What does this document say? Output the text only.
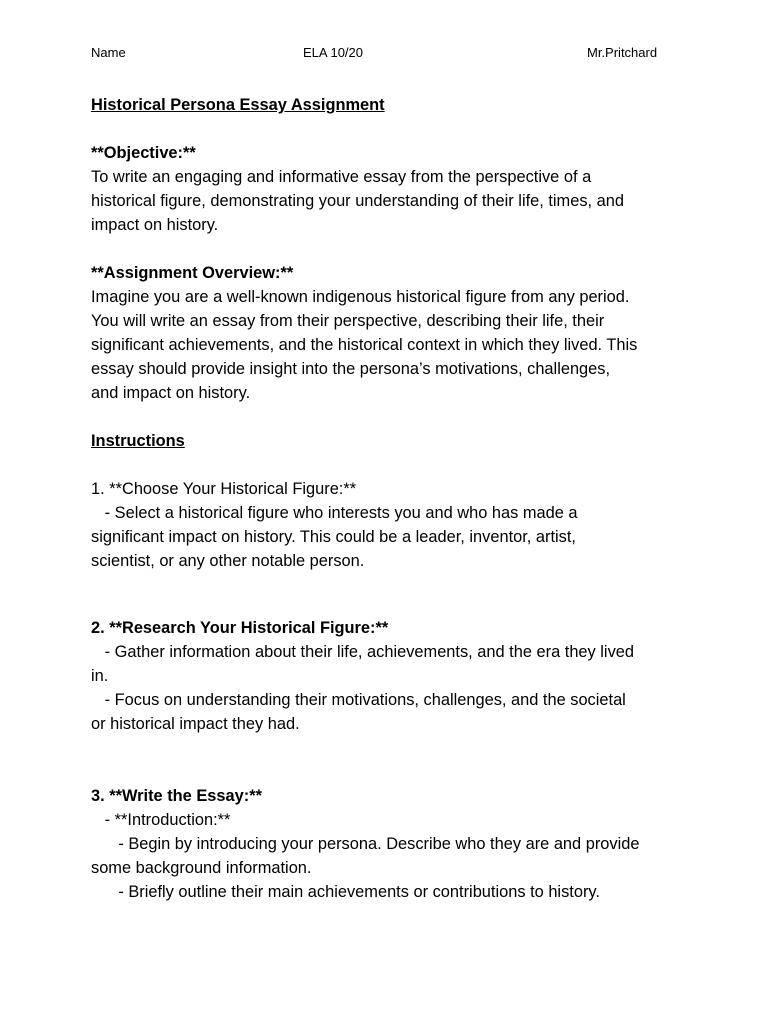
Name	ELA 10/20	Mr.Pritchard
Historical Persona Essay Assignment
**Objective:**
To write an engaging and informative essay from the perspective of a
historical figure, demonstrating your understanding of their life, times, and
impact on history.
**Assignment Overview:**
Imagine you are a well-known indigenous historical figure from any period.
You will write an essay from their perspective, describing their life, their
significant achievements, and the historical context in which they lived. This
essay should provide insight into the persona’s motivations, challenges,
and impact on history.
Instructions
1. **Choose Your Historical Figure:**
- Select a historical figure who interests you and who has made a
significant impact on history. This could be a leader, inventor, artist,
scientist, or any other notable person.
2. **Research Your Historical Figure:**
- Gather information about their life, achievements, and the era they lived
in.
- Focus on understanding their motivations, challenges, and the societal
or historical impact they had.
3. **Write the Essay:**
- **Introduction:**
- Begin by introducing your persona. Describe who they are and provide
some background information.
- Briefly outline their main achievements or contributions to history.
